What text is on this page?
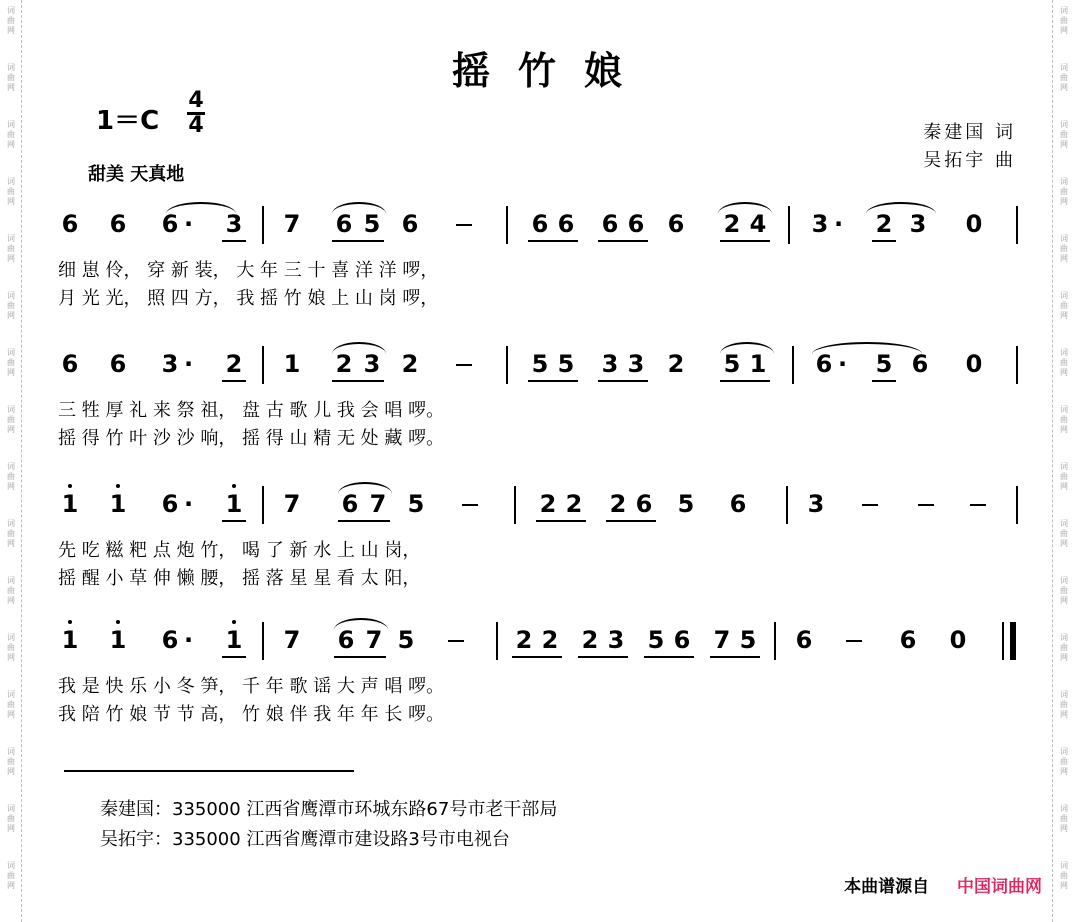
词
曲
网
词
曲
网
词
曲
网
词
曲
网
词
曲
网
词
曲
网
词
曲
网
词
曲
网
词
曲
网
词
曲
网
词
曲
网
词
曲
网
词
曲
网
词
曲
网
词
曲
网
词
曲
网
词
曲
网
词
曲
网
词
曲
网
词
曲
网
词
曲
网
词
曲
网
词
曲
网
词
曲
网
词
曲
网
词
曲
网
词
曲
网
词
曲
网
词
曲
网
词
曲
网
词
曲
网
词
曲
网
摇竹娘
1＝C
4
4
甜美 天真地
秦建国 词
吴拓宇 曲
6 6 6 · 3 7 6 5 6	6 6 6 6 6 2 4 3 · 2 3 0
细 崽 伶， 穿 新 装， 大 年 三 十 喜 洋 洋 啰，
月 光 光， 照 四 方， 我 摇 竹 娘 上 山 岗 啰，
6 6 3 · 2 1 2 3 2	5 5 3 3 2 5 1 6 · 5 6 0
三 牲 厚 礼 来 祭 祖， 盘 古 歌 儿 我 会 唱 啰。
摇 得 竹 叶 沙 沙 响， 摇 得 山 精 无 处 藏 啰。
1 1 6 · 1 7 6 7 5	2 2 2 6 5 6	3
先 吃 糍 粑 点 炮 竹， 喝 了 新 水 上 山 岗，
摇 醒 小 草 伸 懒 腰， 摇 落 星 星 看 太 阳，
1 1 6 · 1 7 6 7 5	2 2 2 3 5 6 7 5 6	6 0
我 是 快 乐 小 冬 笋， 千 年 歌 谣 大 声 唱 啰。
我 陪 竹 娘 节 节 高， 竹 娘 伴 我 年 年 长 啰。
秦建国：335000 江西省鹰潭市环城东路67号市老干部局
吴拓宇：335000 江西省鹰潭市建设路3号市电视台
本曲谱源自 中国词曲网
